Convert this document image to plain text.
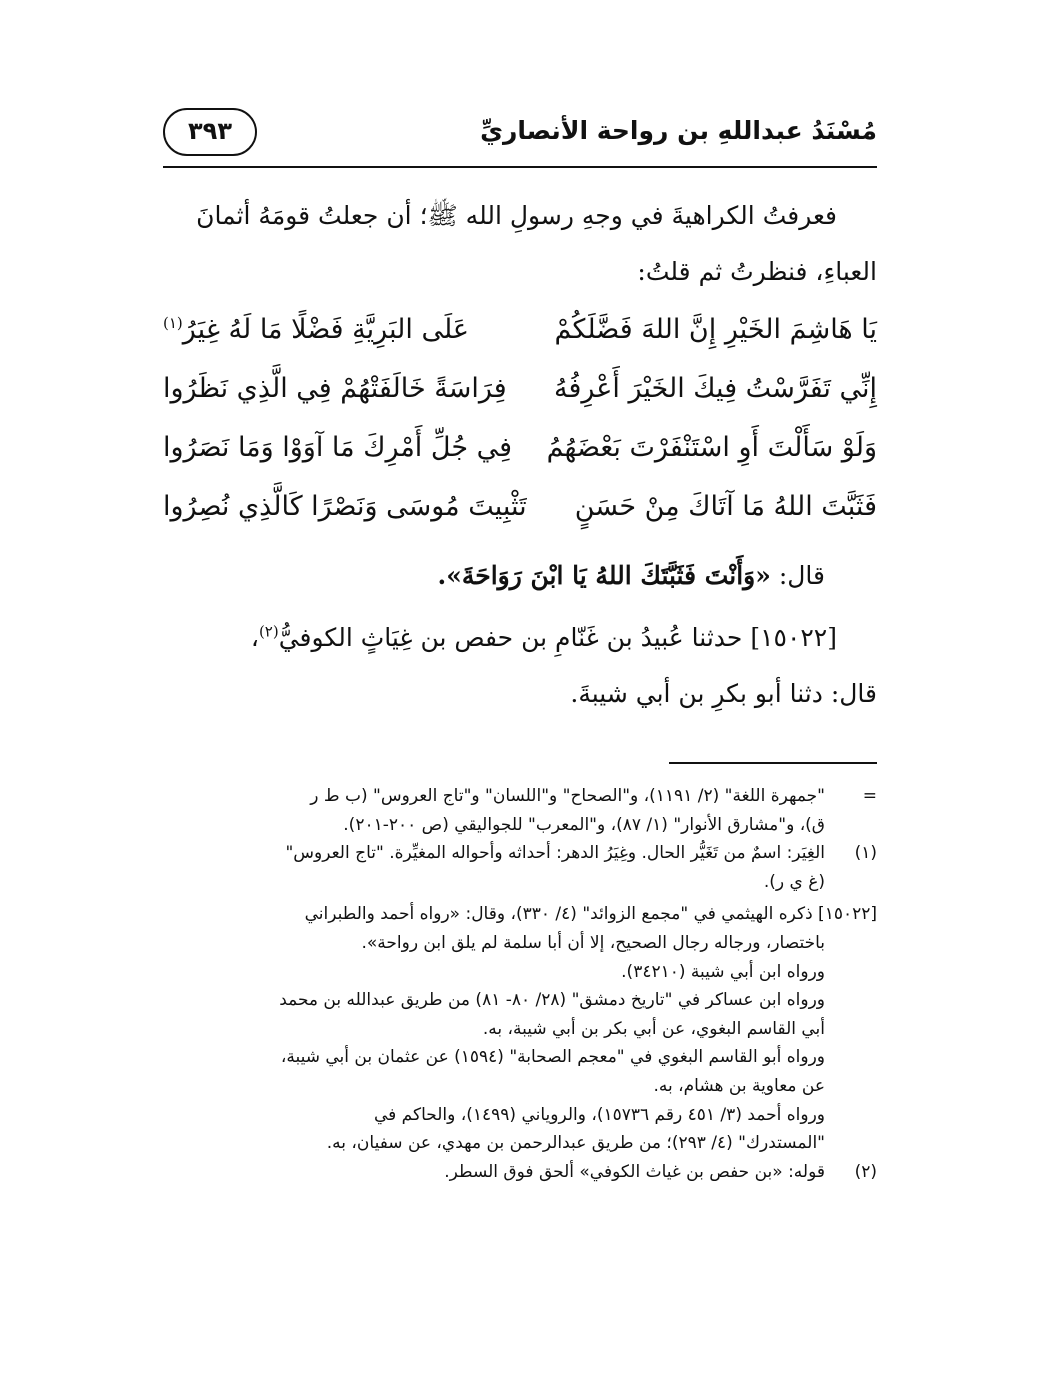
مُسْنَدُ عبداللهِ بن رواحة الأنصاريِّ
٣٩٣

فعرفتُ الكراهيةَ في وجهِ رسولِ الله ﷺ؛ أن جعلتُ قومَهُ أثمانَ
العباءِ، فنظرتُ ثم قلتُ:

يَا هَاشِمَ الخَيْرِ إِنَّ اللهَ فَضَّلَكُمْ
عَلَى البَرِيَّةِ فَضْلًا مَا لَهُ غِيَرُ$^{(١)}$
إِنِّي تَفَرَّسْتُ فِيكَ الخَيْرَ أَعْرِفُهُ
فِرَاسَةً خَالَفَتْهُمْ فِي الَّذِي نَظَرُوا
وَلَوْ سَأَلْتَ أَوِ اسْتَنْفَرْتَ بَعْضَهُمُ
فِي جُلِّ أَمْرِكَ مَا آوَوْا وَمَا نَصَرُوا
فَثَبَّتَ اللهُ مَا آتَاكَ مِنْ حَسَنٍ
تَثْبِيتَ مُوسَى وَنَصْرًا كَالَّذِي نُصِرُوا
قال: «وَأَنْتَ فَثَبَّتَكَ اللهُ يَا ابْنَ رَوَاحَةَ».
[١٥٠٢٢] حدثنا عُبيدُ بن غَنّامِ بن حفص بن غِيَاثٍ الكوفيُّ$^{(٢)}$،
قال: دثنا أبو بكرِ بن أبي شيبةَ.
=
"جمهرة اللغة" (٢/ ١١٩١)، و"الصحاح" و"اللسان" و"تاج العروس" (ب ط ر
ق)، و"مشارق الأنوار" (١/ ٨٧)، و"المعرب" للجواليقي (ص ٢٠٠-٢٠١).
(١)
الغِيَر: اسمٌ من تَغَيُّر الحال. وغِيَرُ الدهر: أحداثه وأحواله المغيِّرة. "تاج العروس"
(غ ي ر).
[١٥٠٢٢] ذكره الهيثمي في "مجمع الزوائد" (٤/ ٣٣٠)، وقال: «رواه أحمد والطبراني
باختصار، ورجاله رجال الصحيح، إلا أن أبا سلمة لم يلق ابن رواحة».
ورواه ابن أبي شيبة (٣٤٢١٠).
ورواه ابن عساكر في "تاريخ دمشق" (٢٨/ ٨٠- ٨١) من طريق عبدالله بن محمد
أبي القاسم البغوي، عن أبي بكر بن أبي شيبة، به.
ورواه أبو القاسم البغوي في "معجم الصحابة" (١٥٩٤) عن عثمان بن أبي شيبة،
عن معاوية بن هشام، به.
ورواه أحمد (٣/ ٤٥١ رقم ١٥٧٣٦)، والروياني (١٤٩٩)، والحاكم في
"المستدرك" (٤/ ٢٩٣)؛ من طريق عبدالرحمن بن مهدي، عن سفيان، به.
(٢)
قوله: «بن حفص بن غياث الكوفي» ألحق فوق السطر.
